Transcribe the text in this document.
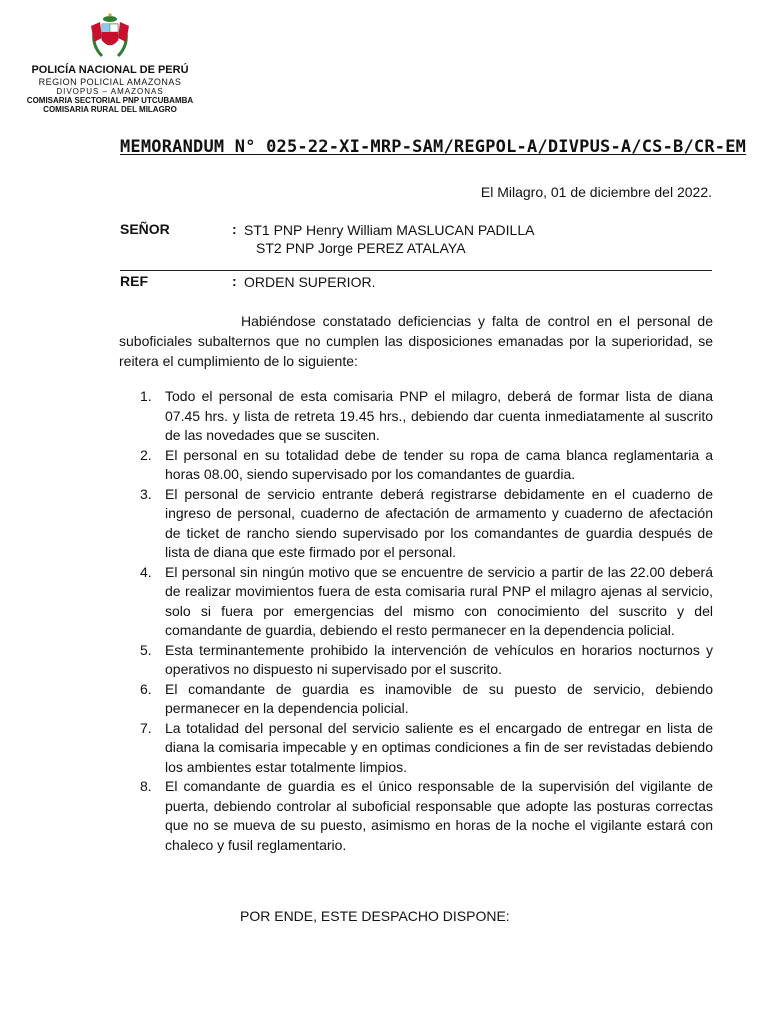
POLICÍA NACIONAL DE PERÚ
REGION POLICIAL AMAZONAS
DIVOPUS – AMAZONAS
COMISARIA SECTORIAL PNP UTCUBAMBA
COMISARIA RURAL DEL MILAGRO
MEMORANDUM N° 025-22-XI-MRP-SAM/REGPOL-A/DIVPUS-A/CS-B/CR-EM
El Milagro, 01 de diciembre del 2022.
SEÑOR	: ST1 PNP Henry William MASLUCAN PADILLA
ST2 PNP Jorge PEREZ ATALAYA
REF	: ORDEN SUPERIOR.

Habiéndose constatado deficiencias y falta de control en el personal de suboficiales subalternos que no cumplen las disposiciones emanadas por la superioridad, se reitera el cumplimiento de lo siguiente:

1. Todo el personal de esta comisaria PNP el milagro, deberá de formar lista de diana 07.45 hrs. y lista de retreta 19.45 hrs., debiendo dar cuenta inmediatamente al suscrito de las novedades que se susciten.
2. El personal en su totalidad debe de tender su ropa de cama blanca reglamentaria a horas 08.00, siendo supervisado por los comandantes de guardia.
3. El personal de servicio entrante deberá registrarse debidamente en el cuaderno de ingreso de personal, cuaderno de afectación de armamento y cuaderno de afectación de ticket de rancho siendo supervisado por los comandantes de guardia después de lista de diana que este firmado por el personal.
4. El personal sin ningún motivo que se encuentre de servicio a partir de las 22.00 deberá de realizar movimientos fuera de esta comisaria rural PNP el milagro ajenas al servicio, solo si fuera por emergencias del mismo con conocimiento del suscrito y del comandante de guardia, debiendo el resto permanecer en la dependencia policial.
5. Esta terminantemente prohibido la intervención de vehículos en horarios nocturnos y operativos no dispuesto ni supervisado por el suscrito.
6. El comandante de guardia es inamovible de su puesto de servicio, debiendo permanecer en la dependencia policial.
7. La totalidad del personal del servicio saliente es el encargado de entregar en lista de diana la comisaria impecable y en optimas condiciones a fin de ser revistadas debiendo los ambientes estar totalmente limpios.
8. El comandante de guardia es el único responsable de la supervisión del vigilante de puerta, debiendo controlar al suboficial responsable que adopte las posturas correctas que no se mueva de su puesto, asimismo en horas de la noche el vigilante estará con chaleco y fusil reglamentario.
POR ENDE, ESTE DESPACHO DISPONE:
